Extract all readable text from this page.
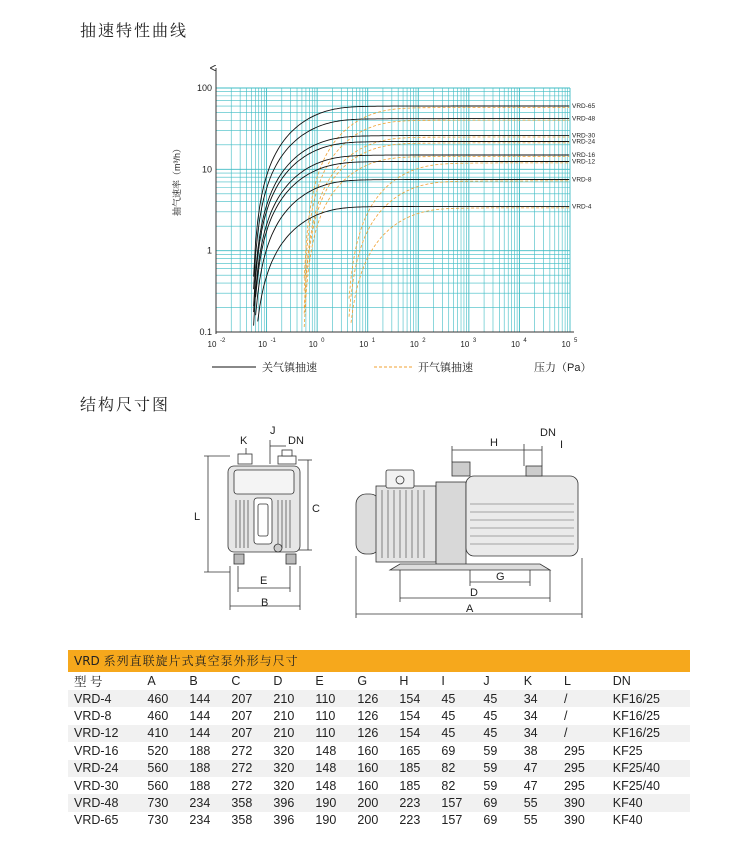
抽速特性曲线
0.1
1
10
100
10 -2	10 -1	10 0	10 1	10 2	10 3	10 4	10 5
VRD-65
VRD-48
VRD-30
VRD-24
VRD-16
VRD-12
VRD-8
VRD-4
抽气速率（m³/h）
关气镇抽速	开气镇抽速	压力（Pa）
结构尺寸图
K
J
DN
L
C
E
B
H
DN
I
G
D
A
VRD 系列直联旋片式真空泵外形与尺寸
型 号	A	B	C	D	E	G	H	I	J	K	L	DN
VRD-4	460	144	207	210	110	126	154	45	45	34	/	KF16/25
VRD-8	460	144	207	210	110	126	154	45	45	34	/	KF16/25
VRD-12	410	144	207	210	110	126	154	45	45	34	/	KF16/25
VRD-16	520	188	272	320	148	160	165	69	59	38	295	KF25
VRD-24	560	188	272	320	148	160	185	82	59	47	295	KF25/40
VRD-30	560	188	272	320	148	160	185	82	59	47	295	KF25/40
VRD-48	730	234	358	396	190	200	223	157	69	55	390	KF40
VRD-65	730	234	358	396	190	200	223	157	69	55	390	KF40
